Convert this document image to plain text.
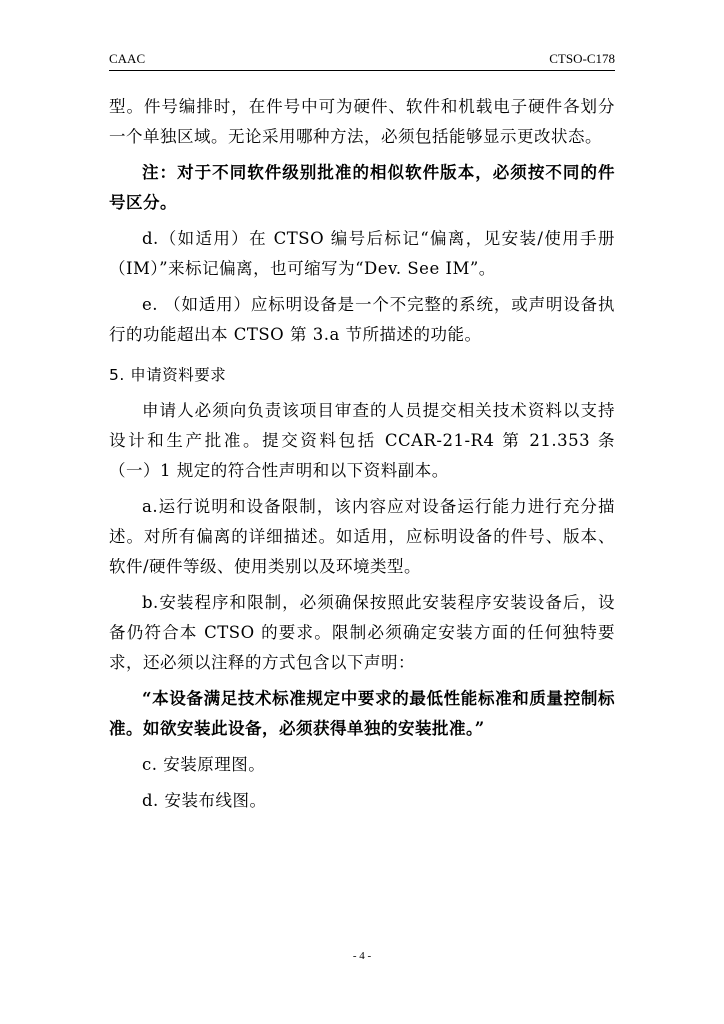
CAAC	CTSO-C178

型。件号编排时，在件号中可为硬件、软件和机载电子硬件各划分一个单独区域。无论采用哪种方法，必须包括能够显示更改状态。

注：对于不同软件级别批准的相似软件版本，必须按不同的件号区分。

d.（如适用）在 CTSO 编号后标记“偏离，见安装/使用手册（IM）”来标记偏离，也可缩写为“Dev. See IM”。

e. （如适用）应标明设备是一个不完整的系统，或声明设备执行的功能超出本 CTSO 第 3.a 节所描述的功能。

5. 申请资料要求

申请人必须向负责该项目审查的人员提交相关技术资料以支持设计和生产批准。提交资料包括 CCAR-21-R4 第 21.353 条（一）1 规定的符合性声明和以下资料副本。

a.运行说明和设备限制，该内容应对设备运行能力进行充分描述。对所有偏离的详细描述。如适用，应标明设备的件号、版本、软件/硬件等级、使用类别以及环境类型。

b.安装程序和限制，必须确保按照此安装程序安装设备后，设备仍符合本 CTSO 的要求。限制必须确定安装方面的任何独特要求，还必须以注释的方式包含以下声明：

“本设备满足技术标准规定中要求的最低性能标准和质量控制标准。如欲安装此设备，必须获得单独的安装批准。”

c. 安装原理图。

d. 安装布线图。

- 4 -
